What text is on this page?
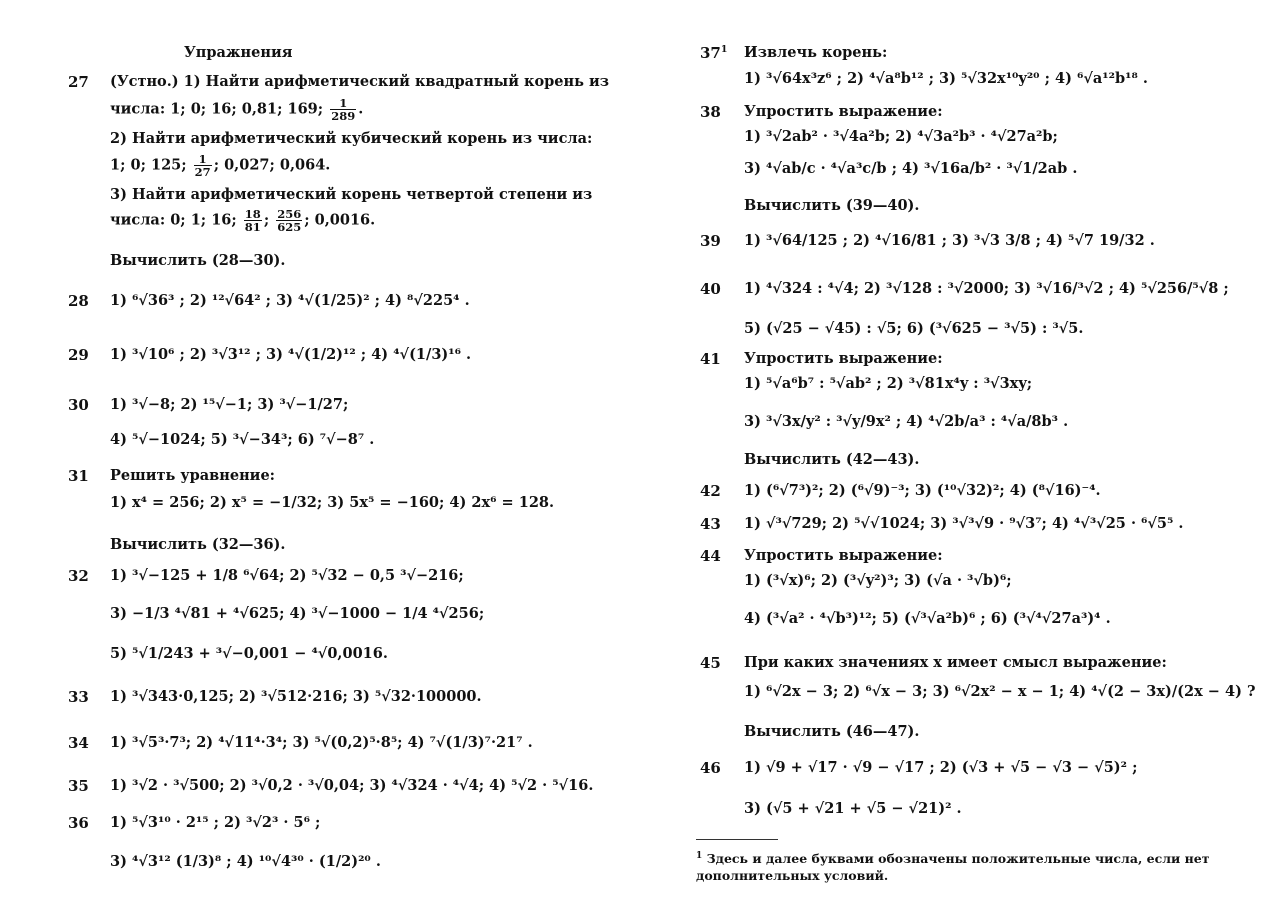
Упражнения
27 (Устно.) 1) Найти арифметический квадратный корень из
числа: 1; 0; 16; 0,81; 169; $\frac{1}{289}$ .
2) Найти арифметический кубический корень из числа:
1; 0; 125; $\frac{1}{27}$ ; 0,027; 0,064.
3) Найти арифметический корень четвертой степени из
числа: 0; 1; 16; $\frac{18}{81}$ ; $\frac{256}{625}$ ; 0,0016.
Вычислить (28—30).
28 1) ⁶√36³ ; 2) ¹²√64² ; 3) ⁴√(1/25)² ; 4) ⁸√225⁴ .
29 1) ³√10⁶ ; 2) ³√3¹² ; 3) ⁴√(1/2)¹² ; 4) ⁴√(1/3)¹⁶ .
30 1) ³√−8; 2) ¹⁵√−1; 3) ³√−1/27;
4) ⁵√−1024; 5) ³√−34³; 6) ⁷√−8⁷ .
31 Решить уравнение:
1) x⁴ = 256; 2) x⁵ = −1/32; 3) 5x⁵ = −160; 4) 2x⁶ = 128.
Вычислить (32—36).
32 1) ³√−125 + 1/8 ⁶√64; 2) ⁵√32 − 0,5 ³√−216;
3) −1/3 ⁴√81 + ⁴√625; 4) ³√−1000 − 1/4 ⁴√256;
5) ⁵√1/243 + ³√−0,001 − ⁴√0,0016.
33 1) ³√343·0,125; 2) ³√512·216; 3) ⁵√32·100000.
34 1) ³√5³·7³; 2) ⁴√11⁴·3⁴; 3) ⁵√(0,2)⁵·8⁵; 4) ⁷√(1/3)⁷·21⁷ .
35 1) ³√2 · ³√500; 2) ³√0,2 · ³√0,04; 3) ⁴√324 · ⁴√4; 4) ⁵√2 · ⁵√16.
36 1) ⁵√3¹⁰ · 2¹⁵ ; 2) ³√2³ · 5⁶ ;
3) ⁴√3¹² (1/3)⁸ ; 4) ¹⁰√4³⁰ · (1/2)²⁰ .
$37^1$ Извлечь корень:
1) ³√64x³z⁶ ; 2) ⁴√a⁸b¹² ; 3) ⁵√32x¹⁰y²⁰ ; 4) ⁶√a¹²b¹⁸ .
38 Упростить выражение:
1) ³√2ab² · ³√4a²b; 2) ⁴√3a²b³ · ⁴√27a²b;
3) ⁴√ab/c · ⁴√a³c/b ; 4) ³√16a/b² · ³√1/2ab .
Вычислить (39—40).
39 1) ³√64/125 ; 2) ⁴√16/81 ; 3) ³√3 3/8 ; 4) ⁵√7 19/32 .
40 1) ⁴√324 : ⁴√4; 2) ³√128 : ³√2000; 3) ³√16/³√2 ; 4) ⁵√256/⁵√8 ;
5) (√25 − √45) : √5; 6) (³√625 − ³√5) : ³√5.
41 Упростить выражение:
1) ⁵√a⁶b⁷ : ⁵√ab² ; 2) ³√81x⁴y : ³√3xy;
3) ³√3x/y² : ³√y/9x² ; 4) ⁴√2b/a³ : ⁴√a/8b³ .
Вычислить (42—43).
42 1) (⁶√7³)²; 2) (⁶√9)⁻³; 3) (¹⁰√32)²; 4) (⁸√16)⁻⁴.
43 1) √³√729; 2) ⁵√√1024; 3) ³√³√9 · ⁹√3⁷; 4) ⁴√³√25 · ⁶√5⁵ .
44 Упростить выражение:
1) (³√x)⁶; 2) (³√y²)³; 3) (√a · ³√b)⁶;
4) (³√a² · ⁴√b³)¹²; 5) (√³√a²b)⁶ ; 6) (³√⁴√27a³)⁴ .
45 При каких значениях x имеет смысл выражение:
1) ⁶√2x − 3; 2) ⁶√x − 3; 3) ⁶√2x² − x − 1; 4) ⁴√(2 − 3x)/(2x − 4) ?
Вычислить (46—47).
46 1) √9 + √17 · √9 − √17 ; 2) (√3 + √5 − √3 − √5)² ;
3) (√5 + √21 + √5 − √21)² .
$^1$ Здесь и далее буквами обозначены положительные числа, если нет дополнительных условий.
